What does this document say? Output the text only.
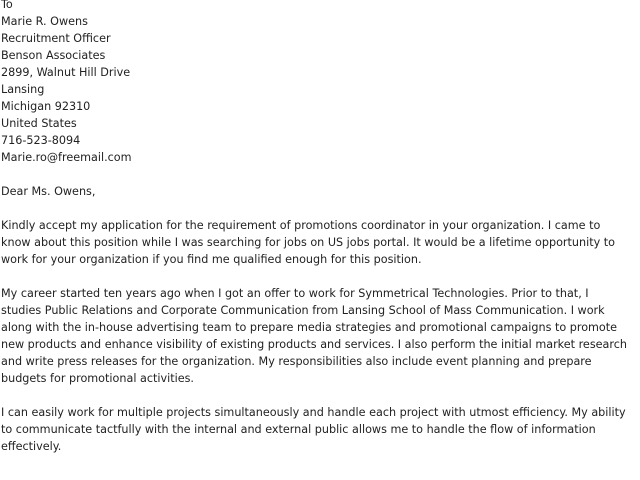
To
Marie R. Owens
Recruitment Officer
Benson Associates
2899, Walnut Hill Drive
Lansing
Michigan 92310
United States
716-523-8094
Marie.ro@freemail.com
Dear Ms. Owens,
Kindly accept my application for the requirement of promotions coordinator in your organization. I came to
know about this position while I was searching for jobs on US jobs portal. It would be a lifetime opportunity to
work for your organization if you find me qualified enough for this position.
My career started ten years ago when I got an offer to work for Symmetrical Technologies. Prior to that, I
studies Public Relations and Corporate Communication from Lansing School of Mass Communication. I work
along with the in-house advertising team to prepare media strategies and promotional campaigns to promote
new products and enhance visibility of existing products and services. I also perform the initial market research
and write press releases for the organization. My responsibilities also include event planning and prepare
budgets for promotional activities.
I can easily work for multiple projects simultaneously and handle each project with utmost efficiency. My ability
to communicate tactfully with the internal and external public allows me to handle the flow of information
effectively.
